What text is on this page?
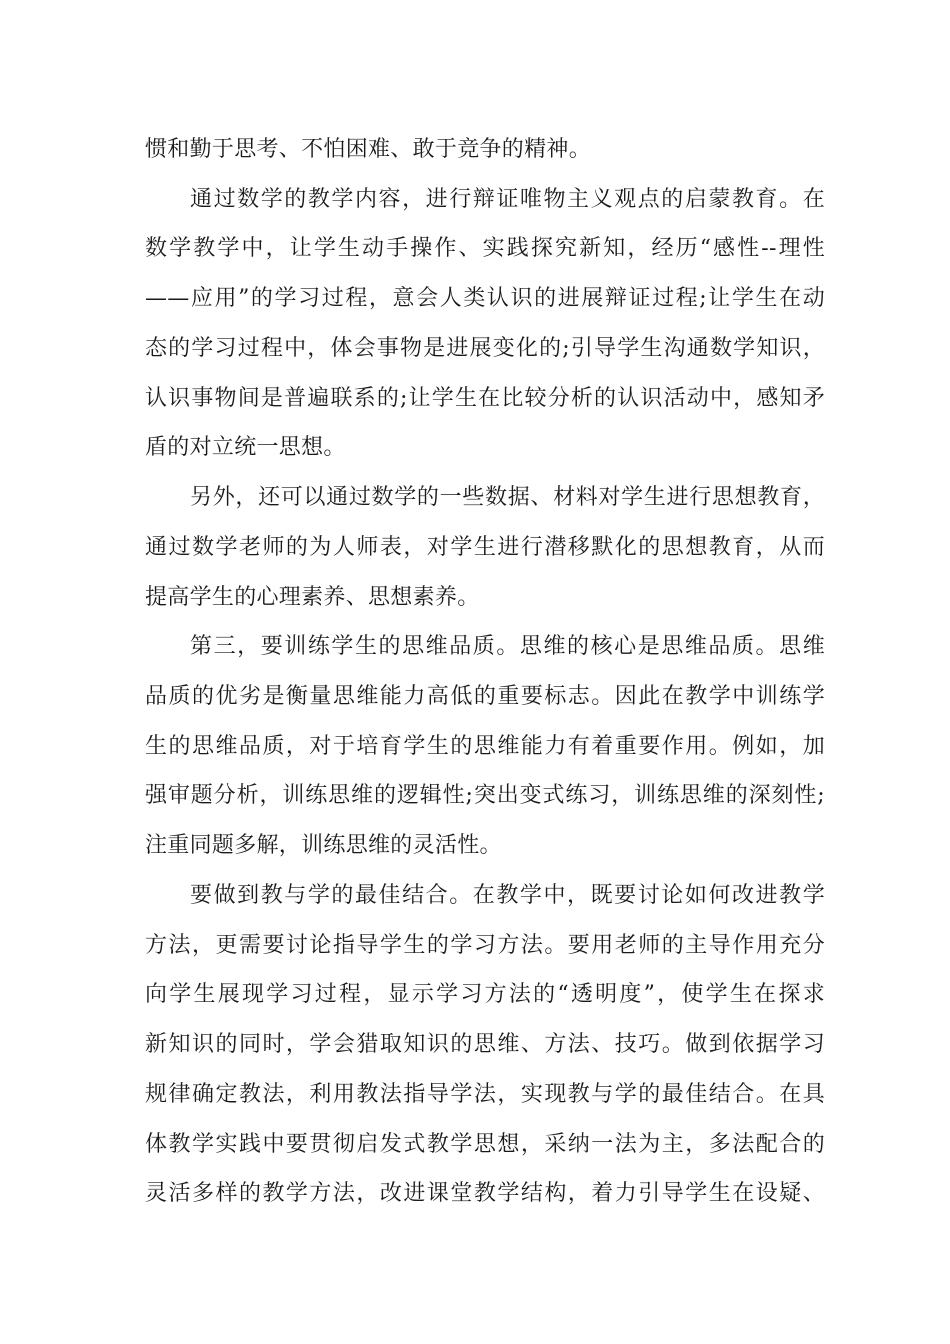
惯和勤于思考、不怕困难、敢于竞争的精神。
通过数学的教学内容，进行辩证唯物主义观点的启蒙教育。在
数学教学中，让学生动手操作、实践探究新知，经历“感性--理性
——应用”的学习过程，意会人类认识的进展辩证过程;让学生在动
态的学习过程中，体会事物是进展变化的;引导学生沟通数学知识，
认识事物间是普遍联系的;让学生在比较分析的认识活动中，感知矛
盾的对立统一思想。
另外，还可以通过数学的一些数据、材料对学生进行思想教育，
通过数学老师的为人师表，对学生进行潜移默化的思想教育，从而
提高学生的心理素养、思想素养。
第三，要训练学生的思维品质。思维的核心是思维品质。思维
品质的优劣是衡量思维能力高低的重要标志。因此在教学中训练学
生的思维品质，对于培育学生的思维能力有着重要作用。例如，加
强审题分析，训练思维的逻辑性;突出变式练习，训练思维的深刻性;
注重同题多解，训练思维的灵活性。
要做到教与学的最佳结合。在教学中，既要讨论如何改进教学
方法，更需要讨论指导学生的学习方法。要用老师的主导作用充分
向学生展现学习过程，显示学习方法的“透明度”，使学生在探求
新知识的同时，学会猎取知识的思维、方法、技巧。做到依据学习
规律确定教法，利用教法指导学法，实现教与学的最佳结合。在具
体教学实践中要贯彻启发式教学思想，采纳一法为主，多法配合的
灵活多样的教学方法，改进课堂教学结构，着力引导学生在设疑、
